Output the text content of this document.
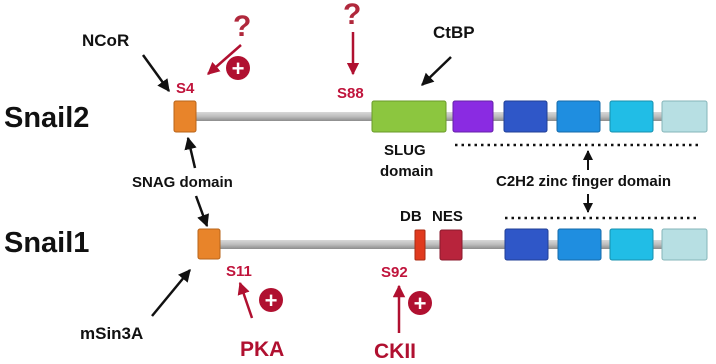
Snail2
NCoR
S4
?
+
?
S88
CtBP
SLUG
domain
SNAG domain	C2H2 zinc finger domain
Snail1
DB NES
S11	S92
mSin3A
+
PKA
+
CKII
